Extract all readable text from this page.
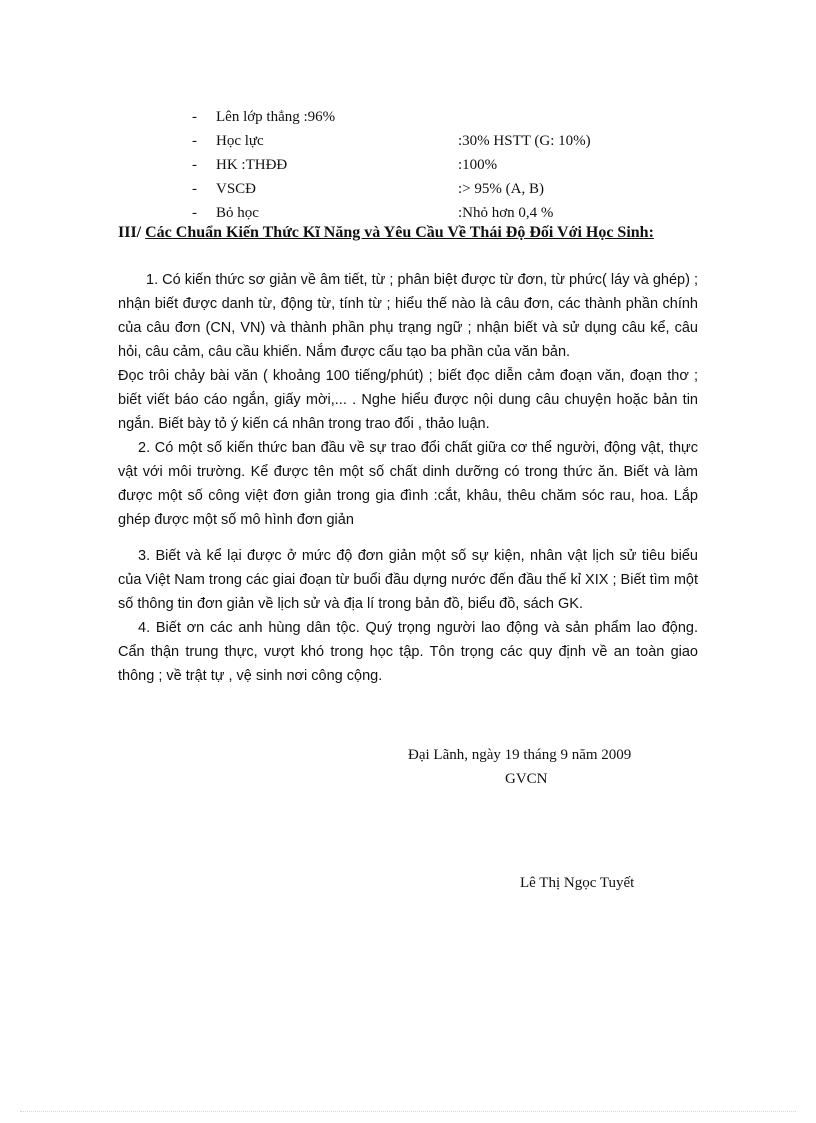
-	Lên lớp thẳng :96%
-	Học lực	:30% HSTT (G: 10%)
-	HK :THĐĐ	:100%
-	VSCĐ	:> 95% (A, B)
-	Bỏ học	:Nhỏ hơn 0,4 %
III/ Các Chuẩn Kiến Thức Kĩ Năng và Yêu Cầu Về Thái Độ Đối Với Học Sinh:

1. Có kiến thức sơ giản về âm tiết, từ ; phân biệt được từ đơn, từ phức( láy và ghép) ; nhận biết được danh từ, động từ, tính từ ; hiểu thế nào là câu đơn, các thành phần chính của câu đơn (CN, VN) và thành phần phụ trạng ngữ ; nhận biết và sử dụng câu kể, câu hỏi, câu cảm, câu cầu khiến. Nắm được cấu tạo ba phần của văn bản.

Đọc trôi chảy bài văn ( khoảng 100 tiếng/phút) ; biết đọc diễn cảm đoạn văn, đoạn thơ ; biết viết báo cáo ngắn, giấy mời,... . Nghe hiểu được nội dung câu chuyện hoặc bản tin ngắn. Biết bày tỏ ý kiến cá nhân trong trao đổi , thảo luận.

2. Có một số kiến thức ban đầu về sự trao đổi chất giữa cơ thể người, động vật, thực vật với môi trường. Kể được tên một số chất dinh dưỡng có trong thức ăn. Biết và làm được một số công việt đơn giản trong gia đình :cắt, khâu, thêu chăm sóc rau, hoa. Lắp ghép được một số mô hình đơn giản

3. Biết và kể lại được ở mức độ đơn giản một số sự kiện, nhân vật lịch sử tiêu biểu của Việt Nam trong các giai đoạn từ buổi đầu dựng nước đến đầu thế kỉ XIX ; Biết tìm một số thông tin đơn giản về lịch sử và địa lí trong bản đồ, biểu đồ, sách GK.

4. Biết ơn các anh hùng dân tộc. Quý trọng người lao động và sản phẩm lao động. Cẩn thận trung thực, vượt khó trong học tập. Tôn trọng các quy định về an toàn giao thông ; về trật tự , vệ sinh nơi công cộng.

Đại Lãnh, ngày 19 tháng 9 năm 2009
GVCN
Lê Thị Ngọc Tuyết
